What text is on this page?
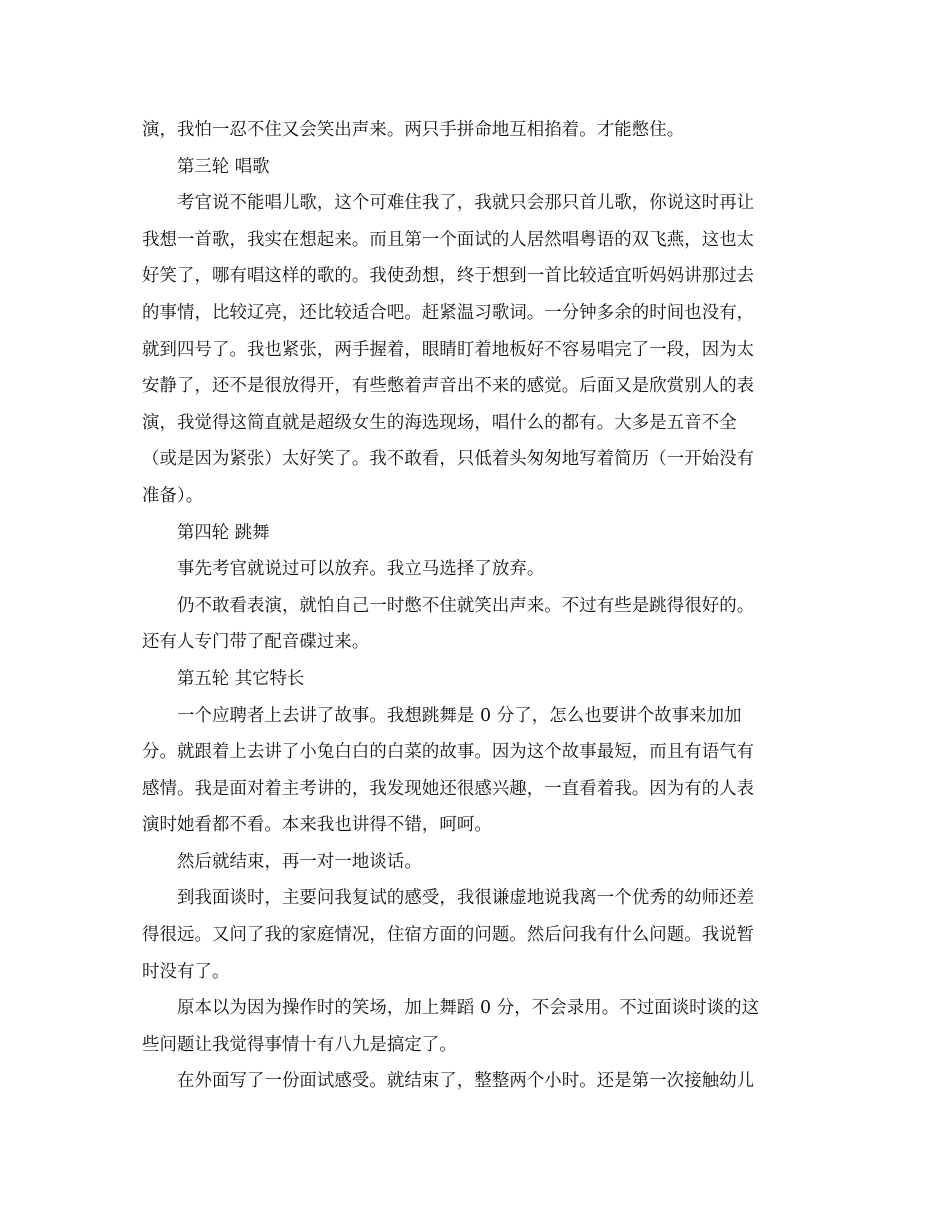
演，我怕一忍不住又会笑出声来。两只手拼命地互相掐着。才能憋住。

第三轮 唱歌

考官说不能唱儿歌，这个可难住我了，我就只会那只首儿歌，你说这时再让
我想一首歌，我实在想起来。而且第一个面试的人居然唱粤语的双飞燕，这也太
好笑了，哪有唱这样的歌的。我使劲想，终于想到一首比较适宜听妈妈讲那过去
的事情，比较辽亮，还比较适合吧。赶紧温习歌词。一分钟多余的时间也没有，
就到四号了。我也紧张，两手握着，眼睛盯着地板好不容易唱完了一段，因为太
安静了，还不是很放得开，有些憋着声音出不来的感觉。后面又是欣赏别人的表
演，我觉得这简直就是超级女生的海选现场，唱什么的都有。大多是五音不全
（或是因为紧张）太好笑了。我不敢看，只低着头匆匆地写着简历（一开始没有
准备）。

第四轮 跳舞

事先考官就说过可以放弃。我立马选择了放弃。

仍不敢看表演，就怕自己一时憋不住就笑出声来。不过有些是跳得很好的。
还有人专门带了配音碟过来。

第五轮 其它特长

一个应聘者上去讲了故事。我想跳舞是 0 分了，怎么也要讲个故事来加加
分。就跟着上去讲了小兔白白的白菜的故事。因为这个故事最短，而且有语气有
感情。我是面对着主考讲的，我发现她还很感兴趣，一直看着我。因为有的人表
演时她看都不看。本来我也讲得不错，呵呵。

然后就结束，再一对一地谈话。

到我面谈时，主要问我复试的感受，我很谦虚地说我离一个优秀的幼师还差
得很远。又问了我的家庭情况，住宿方面的问题。然后问我有什么问题。我说暂
时没有了。

原本以为因为操作时的笑场，加上舞蹈 0 分，不会录用。不过面谈时谈的这
些问题让我觉得事情十有八九是搞定了。

在外面写了一份面试感受。就结束了，整整两个小时。还是第一次接触幼儿
